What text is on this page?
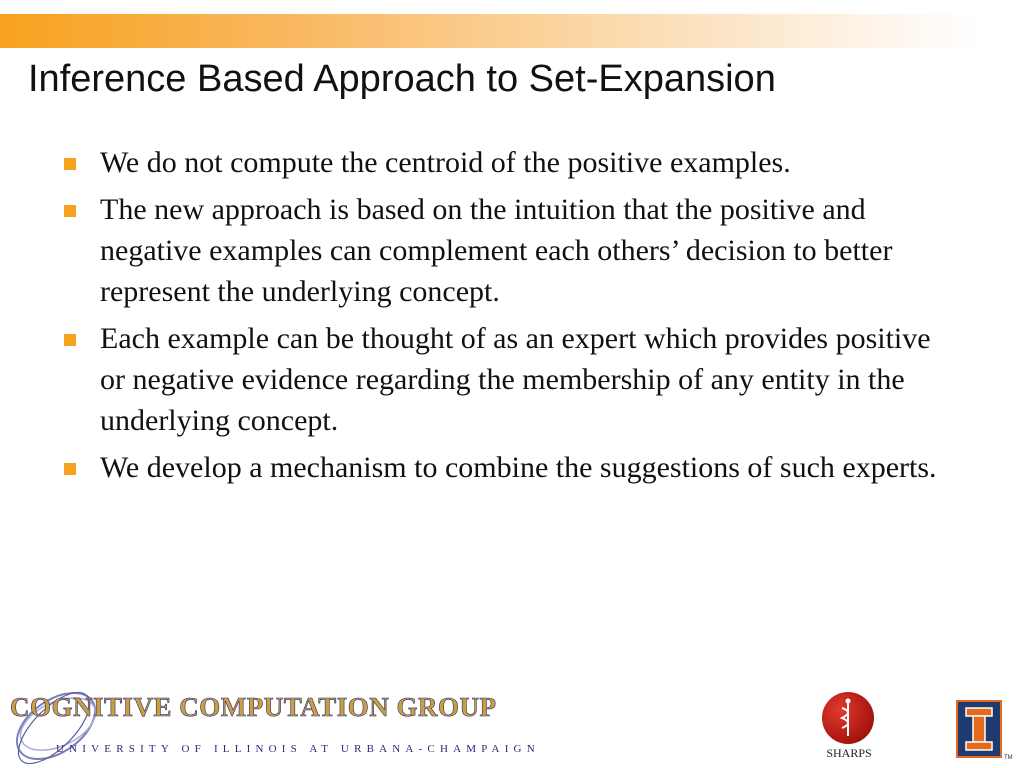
Inference Based Approach to Set-Expansion
We do not compute the centroid of the positive examples.
The new approach is based on the intuition that the positive and negative examples can complement each others’ decision to better represent the underlying concept.
Each example can be thought of as an expert which provides positive or negative evidence regarding the membership of any entity in the underlying concept.
We develop a mechanism to combine the suggestions of such experts.
COGNITIVE COMPUTATION GROUP
UNIVERSITY OF ILLINOIS AT URBANA-CHAMPAIGN	SHARPS	TM
